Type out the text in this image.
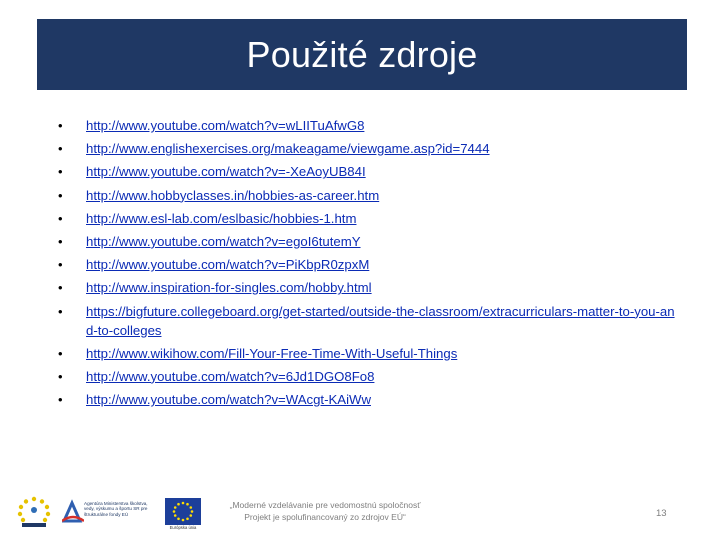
Použité zdroje
• http://www.youtube.com/watch?v=wLIITuAfwG8
• http://www.englishexercises.org/makeagame/viewgame.asp?id=7444
• http://www.youtube.com/watch?v=-XeAoyUB84I
• http://www.hobbyclasses.in/hobbies-as-career.htm
• http://www.esl-lab.com/eslbasic/hobbies-1.htm
• http://www.youtube.com/watch?v=egoI6tutemY
• http://www.youtube.com/watch?v=PiKbpR0zpxM
• http://www.inspiration-for-singles.com/hobby.html
• https://bigfuture.collegeboard.org/get-started/outside-the-classroom/extracurriculars-matter-to-you-and-to-colleges
• http://www.wikihow.com/Fill-Your-Free-Time-With-Useful-Things
• http://www.youtube.com/watch?v=6Jd1DGO8Fo8
• http://www.youtube.com/watch?v=WAcgt-KAiWw
Agentúra Ministerstva školstva, vedy, výskumu a športu SR pre štrukturálne fondy EÚ
Európska únia
„Moderné vzdelávanie pre vedomostnú spoločnosť
Projekt je spolufinancovaný zo zdrojov EÚ“	13
